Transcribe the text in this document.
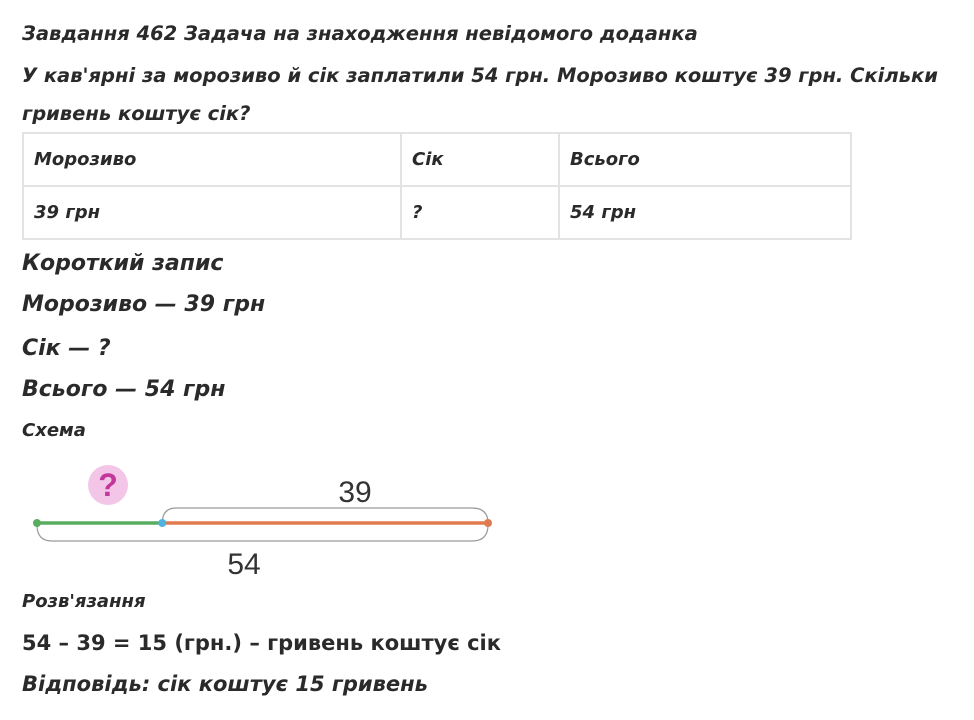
Завдання 462 Задача на знаходження невідомого доданка
У кав'ярні за морозиво й сік заплатили 54 грн. Морозиво коштує 39 грн. Скільки
гривень коштує сік?
Морозиво	Сік	Всього
39 грн	?	54 грн
Короткий запис
Морозиво — 39 грн
Сік — ?
Всього — 54 грн
Схема
?	39
54
Розв'язання
54 – 39 = 15 (грн.) – гривень коштує сік
Відповідь: сік коштує 15 гривень
